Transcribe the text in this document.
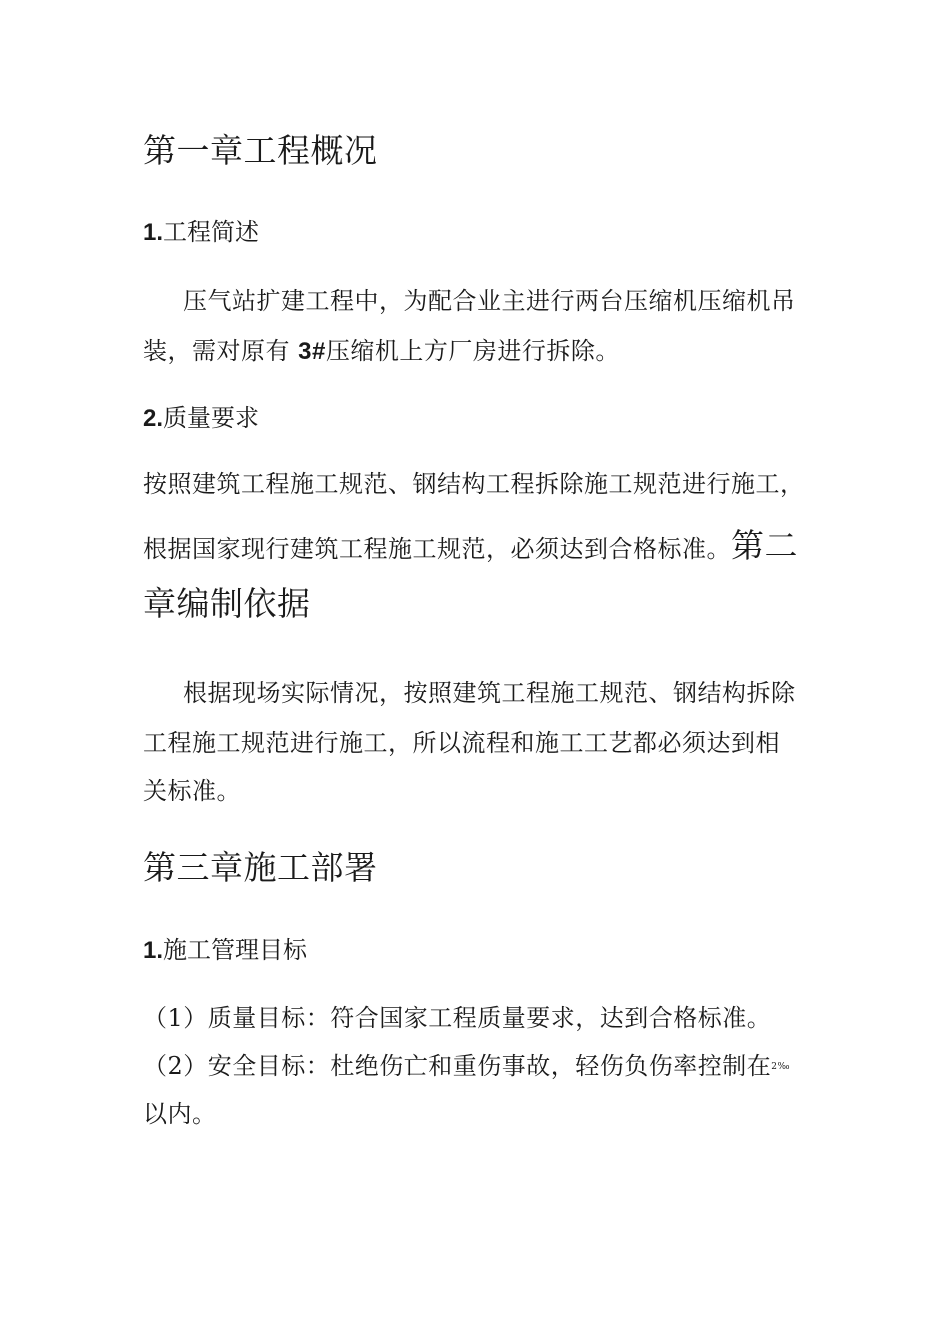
第一章工程概况
1.工程简述

压气站扩建工程中，为配合业主进行两台压缩机压缩机吊

装，需对原有 3#压缩机上方厂房进行拆除。

2.质量要求

按照建筑工程施工规范、钢结构工程拆除施工规范进行施工，

根据国家现行建筑工程施工规范，必须达到合格标准。第二

章编制依据

根据现场实际情况，按照建筑工程施工规范、钢结构拆除

工程施工规范进行施工，所以流程和施工工艺都必须达到相

关标准。

第三章施工部署
1.施工管理目标

（1）质量目标：符合国家工程质量要求，达到合格标准。

（2）安全目标：杜绝伤亡和重伤事故，轻伤负伤率控制在2‰

以内。
